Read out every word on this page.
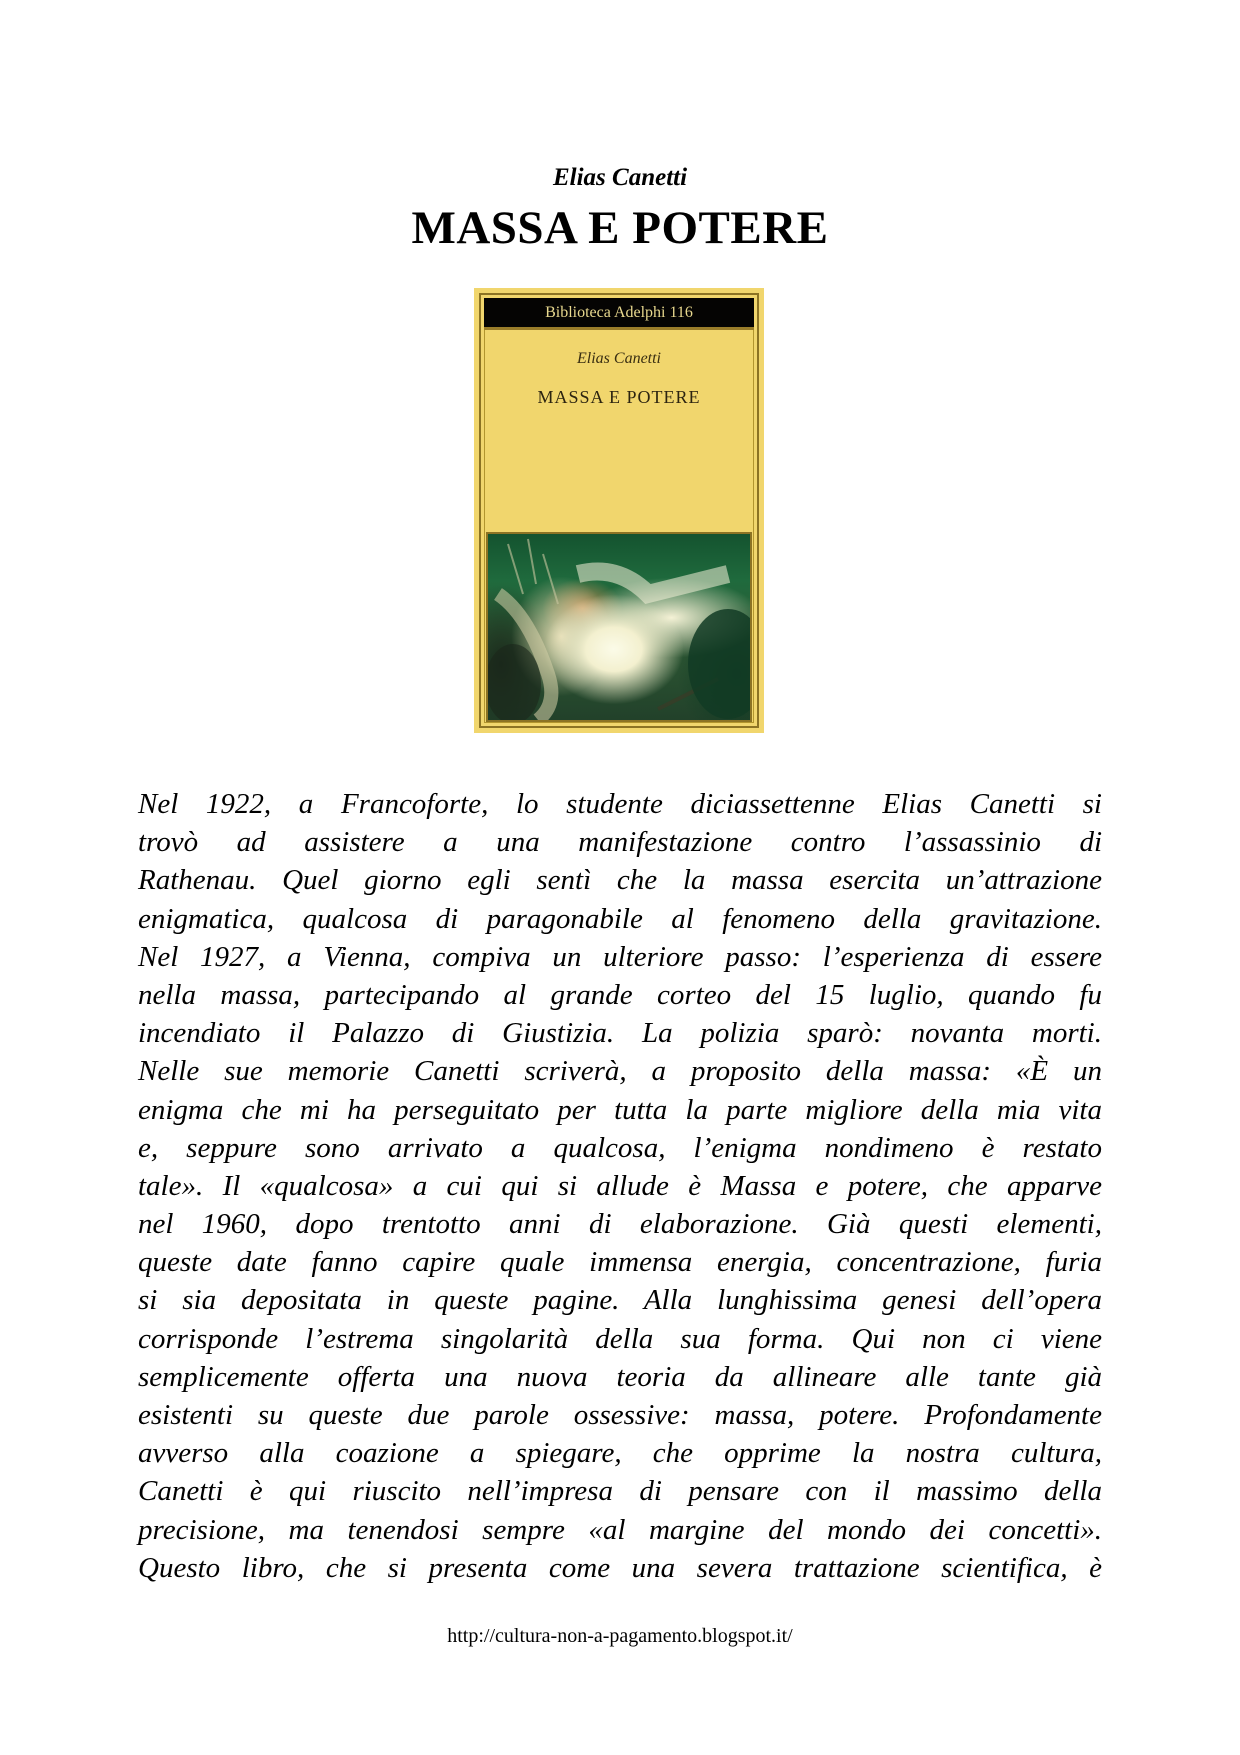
Elias Canetti
MASSA E POTERE
Biblioteca Adelphi 116
Elias Canetti
MASSA E POTERE
Nel 1922, a Francoforte, lo studente diciassettenne Elias Canetti si
trovò ad assistere a una manifestazione contro l’assassinio di
Rathenau. Quel giorno egli sentì che la massa esercita un’attrazione
enigmatica, qualcosa di paragonabile al fenomeno della gravitazione.
Nel 1927, a Vienna, compiva un ulteriore passo: l’esperienza di essere
nella massa, partecipando al grande corteo del 15 luglio, quando fu
incendiato il Palazzo di Giustizia. La polizia sparò: novanta morti.
Nelle sue memorie Canetti scriverà, a proposito della massa: «È un
enigma che mi ha perseguitato per tutta la parte migliore della mia vita
e, seppure sono arrivato a qualcosa, l’enigma nondimeno è restato
tale». Il «qualcosa» a cui qui si allude è Massa e potere, che apparve
nel 1960, dopo trentotto anni di elaborazione. Già questi elementi,
queste date fanno capire quale immensa energia, concentrazione, furia
si sia depositata in queste pagine. Alla lunghissima genesi dell’opera
corrisponde l’estrema singolarità della sua forma. Qui non ci viene
semplicemente offerta una nuova teoria da allineare alle tante già
esistenti su queste due parole ossessive: massa, potere. Profondamente
avverso alla coazione a spiegare, che opprime la nostra cultura,
Canetti è qui riuscito nell’impresa di pensare con il massimo della
precisione, ma tenendosi sempre «al margine del mondo dei concetti».
Questo libro, che si presenta come una severa trattazione scientifica, è
http://cultura-non-a-pagamento.blogspot.it/
